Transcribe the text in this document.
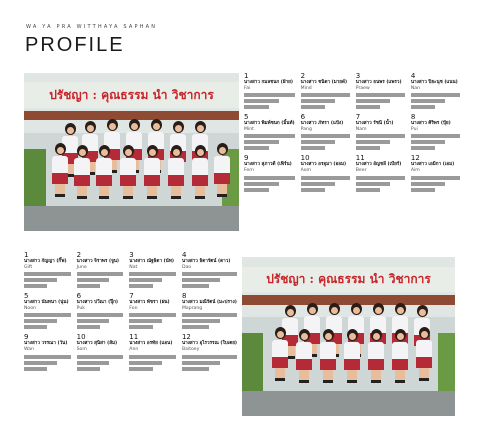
WA YA PRA WITTHAYA SAPHAN
PROFILE
ปรัชญา : คุณธรรม นำ วิชาการ
1
นางสาว กมลชนก (ฝ้าย)
Fai
2
นางสาว ชนิดา (มายด์)
Mind
3
นางสาว ธนพร (แพรว)
Praew
4
นางสาว ปิยะนุช (แนน)
Nan
5
นางสาว พิมพ์ชนก (มิ้นท์)
Mint
6
นางสาว ภัทรา (แป้ง)
Pang
7
นางสาว รัชนี (น้ำ)
Nam
8
นางสาว ศิริพร (ปุ้ย)
Pui
9
นางสาว สุภาวดี (เฟิร์น)
Fern
10
นางสาว อรอุมา (ออม)
Aom
11
นางสาว อัญชลี (เบียร์)
Beer
12
นางสาว เอมิกา (เอม)
Aim
1
นางสาว กัญญา (กิ๊ฟ)
Gift
2
นางสาว จิราพร (จูน)
June
3
นางสาว ณัฐธิดา (นัท)
Nat
4
นางสาว ธิดารัตน์ (ดาว)
Dao
5
นางสาว นันทนา (นุ่น)
Noon
6
นางสาว ปวีณา (ปุ๊ก)
Puk
7
นางสาว พัชรา (ฝน)
Fon
8
นางสาว มณีรัตน์ (มะปราง)
Maprang
9
นางสาว วรรณา (วัน)
Wan
10
นางสาว สุนิสา (ส้ม)
Som
11
นางสาว อรทัย (แอน)
Ann
12
นางสาว อุไรวรรณ (ใบเตย)
Baitoey
ปรัชญา : คุณธรรม นำ วิชาการ
